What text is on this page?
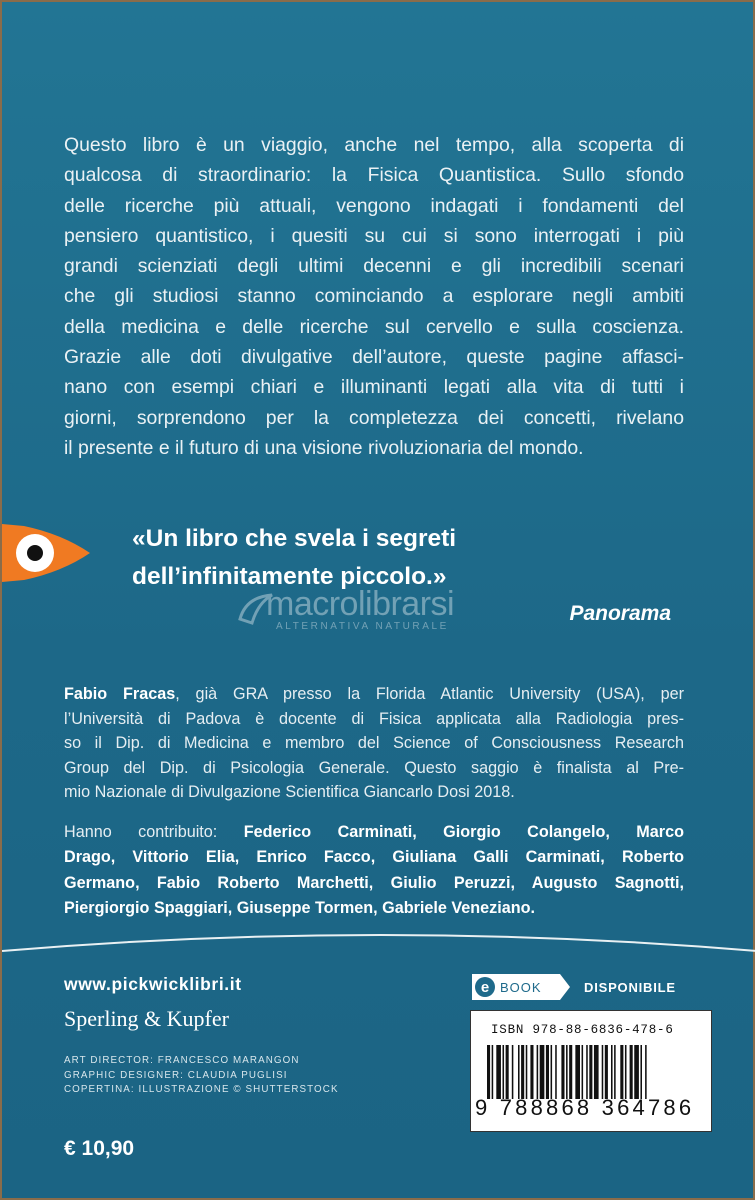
Questo libro è un viaggio, anche nel tempo, alla scoperta di
qualcosa di straordinario: la Fisica Quantistica. Sullo sfondo
delle ricerche più attuali, vengono indagati i fondamenti del
pensiero quantistico, i quesiti su cui si sono interrogati i più
grandi scienziati degli ultimi decenni e gli incredibili scenari
che gli studiosi stanno cominciando a esplorare negli ambiti
della medicina e delle ricerche sul cervello e sulla coscienza.
Grazie alle doti divulgative dell’autore, queste pagine affasci-
nano con esempi chiari e illuminanti legati alla vita di tutti i
giorni, sorprendono per la completezza dei concetti, rivelano
il presente e il futuro di una visione rivoluzionaria del mondo.

«Un libro che svela i segreti
dell’infinitamente piccolo.»

macrolibrarsi
ALTERNATIVA NATURALE
Panorama

Fabio Fracas, già GRA presso la Florida Atlantic University (USA), per
l’Università di Padova è docente di Fisica applicata alla Radiologia pres-
so il Dip. di Medicina e membro del Science of Consciousness Research
Group del Dip. di Psicologia Generale. Questo saggio è finalista al Pre-
mio Nazionale di Divulgazione Scientifica Giancarlo Dosi 2018.

Hanno contribuito: Federico Carminati, Giorgio Colangelo, Marco
Drago, Vittorio Elia, Enrico Facco, Giuliana Galli Carminati, Roberto
Germano, Fabio Roberto Marchetti, Giulio Peruzzi, Augusto Sagnotti,
Piergiorgio Spaggiari, Giuseppe Tormen, Gabriele Veneziano.

www.pickwicklibri.it
Sperling & Kupfer
ART DIRECTOR: FRANCESCO MARANGON
GRAPHIC DESIGNER: CLAUDIA PUGLISI
COPERTINA: ILLUSTRAZIONE © SHUTTERSTOCK
€ 10,90
e BOOK	DISPONIBILE
ISBN 978-88-6836-478-6
9 788868 364786
